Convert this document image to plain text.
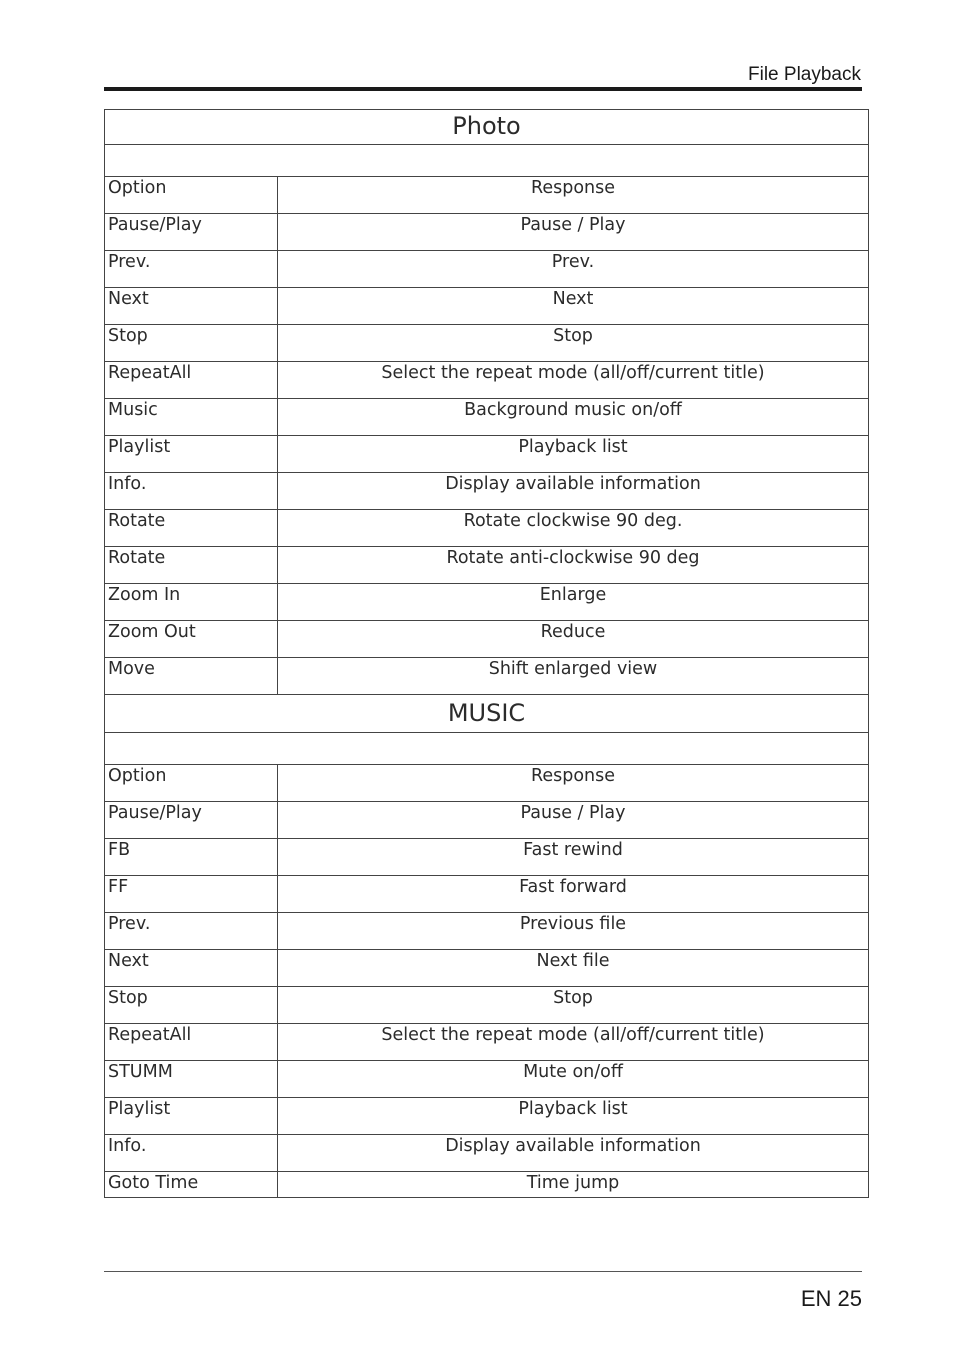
File Playback
Photo	

Option	Response
Pause/Play	Pause / Play
Prev.	Prev.
Next	Next
Stop	Stop
RepeatAll	Select the repeat mode (all/off/current title)
Music	Background music on/off
Playlist	Playback list
Info.	Display available information
Rotate	Rotate clockwise 90 deg.
Rotate	Rotate anti-clockwise 90 deg
Zoom In	Enlarge
Zoom Out	Reduce
Move	Shift enlarged view
MUSIC	

Option	Response
Pause/Play	Pause / Play
FB	Fast rewind
FF	Fast forward
Prev.	Previous file
Next	Next file
Stop	Stop
RepeatAll	Select the repeat mode (all/off/current title)
STUMM	Mute on/off
Playlist	Playback list
Info.	Display available information
Goto Time	Time jump
EN 25
